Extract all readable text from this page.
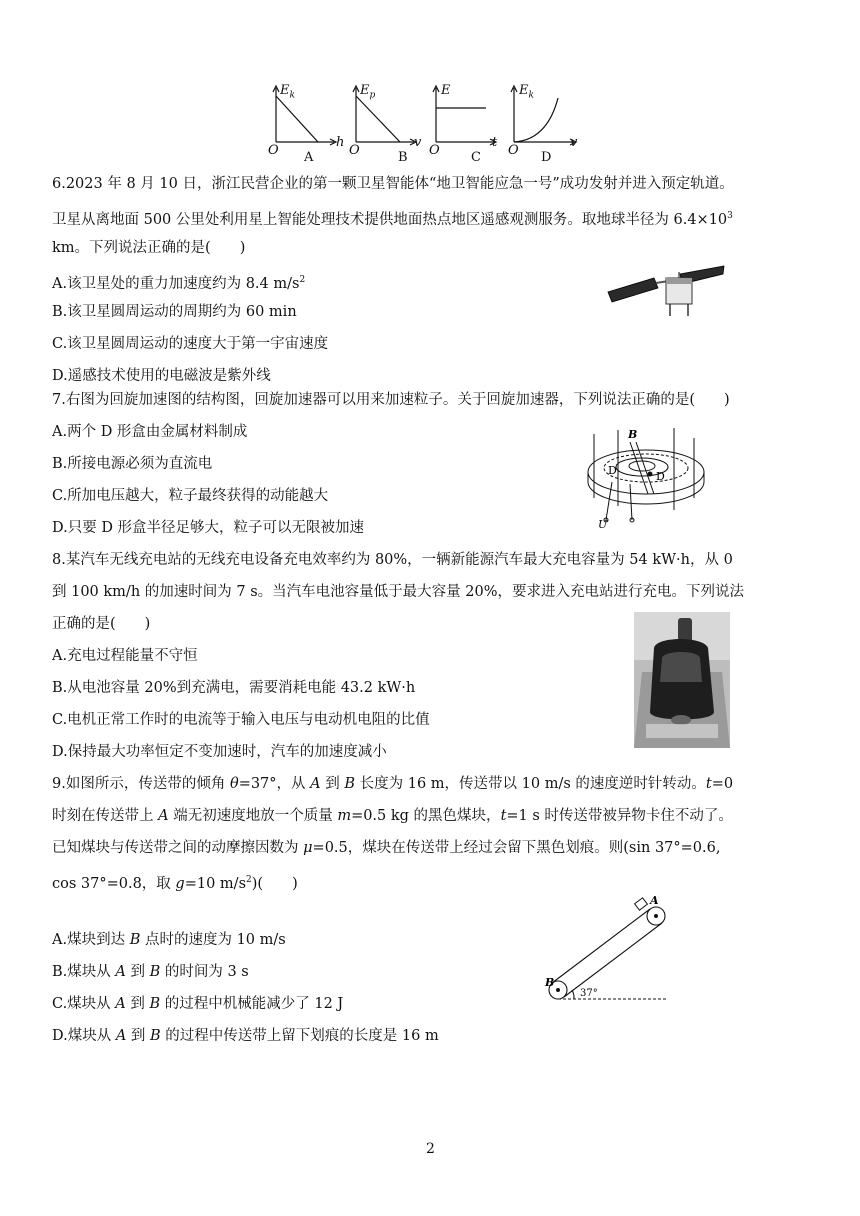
$E_k$
O
h
A
$E_p$
O
v
B
E
O
t
C
$E_k$
O
v
D
6.2023 年 8 月 10 日，浙江民营企业的第一颗卫星智能体“地卫智能应急一号”成功发射并进入预定轨道。
卫星从离地面 500 公里处利用星上智能处理技术提供地面热点地区遥感观测服务。取地球半径为 $6.4\times 10^3$
km。下列说法正确的是(　　)
A.该卫星处的重力加速度约为 8.4 $m/s^2$
B.该卫星圆周运动的周期约为 60 min
C.该卫星圆周运动的速度大于第一宇宙速度
D.遥感技术使用的电磁波是紫外线
7.右图为回旋加速图的结构图，回旋加速器可以用来加速粒子。关于回旋加速器，下列说法正确的是(　　)
A.两个 D 形盒由金属材料制成
B.所接电源必须为直流电
C.所加电压越大，粒子最终获得的动能越大
D.只要 D 形盒半径足够大，粒子可以无限被加速
B
D	D
U
8.某汽车无线充电站的无线充电设备充电效率约为 80%，一辆新能源汽车最大充电容量为 54 kW·h，从 0
到 100 km/h 的加速时间为 7 s。当汽车电池容量低于最大容量 20%，要求进入充电站进行充电。下列说法
正确的是(　　)
A.充电过程能量不守恒
B.从电池容量 20%到充满电，需要消耗电能 43.2 kW·h
C.电机正常工作时的电流等于输入电压与电动机电阻的比值
D.保持最大功率恒定不变加速时，汽车的加速度减小
9.如图所示，传送带的倾角 θ=37°，从 A 到 B 长度为 16 m，传送带以 10 m/s 的速度逆时针转动。t=0
时刻在传送带上 A 端无初速度地放一个质量 m=0.5 kg 的黑色煤块，t=1 s 时传送带被异物卡住不动了。
已知煤块与传送带之间的动摩擦因数为 μ=0.5，煤块在传送带上经过会留下黑色划痕。则(sin 37°=0.6,
cos 37°=0.8，取 g=10 $m/s^2$)(　　)
A.煤块到达 B 点时的速度为 10 m/s
B.煤块从 A 到 B 的时间为 3 s
C.煤块从 A 到 B 的过程中机械能减少了 12 J
D.煤块从 A 到 B 的过程中传送带上留下划痕的长度是 16 m
A
B
37°
2
